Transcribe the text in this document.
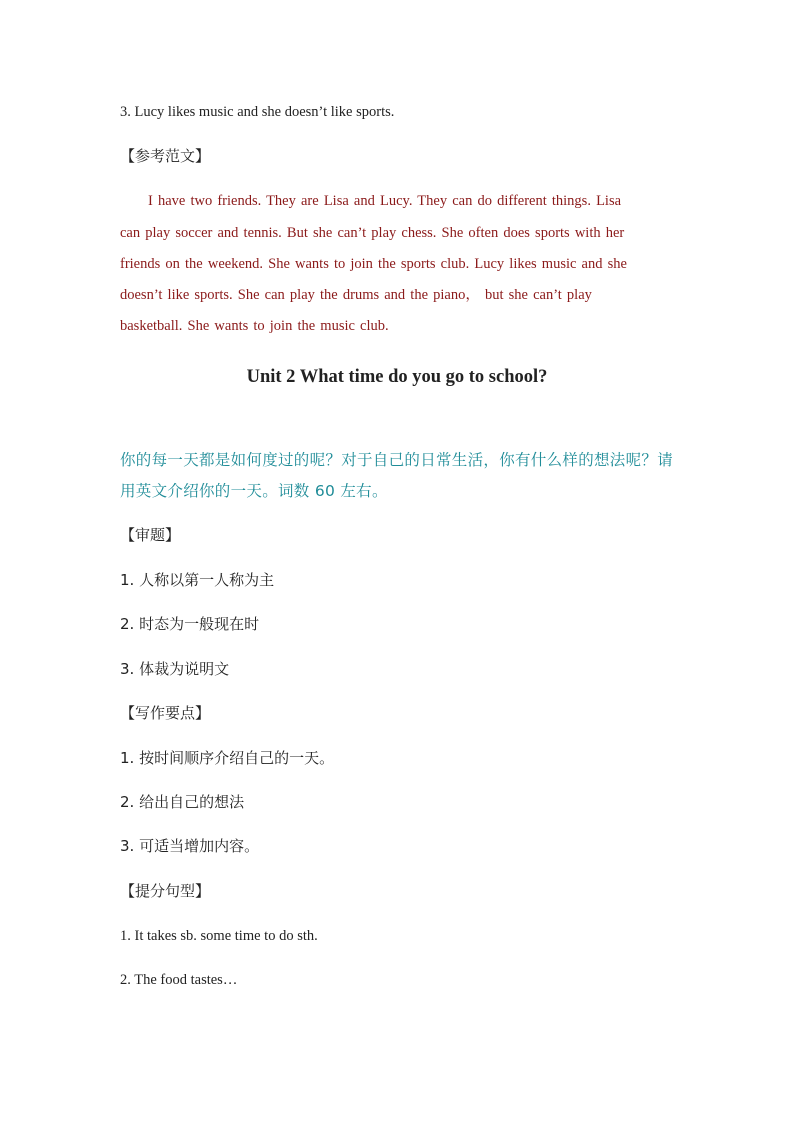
3. Lucy likes music and she doesn’t like sports.
【参考范文】
I have two friends. They are Lisa and Lucy. They can do different things. Lisa
can play soccer and tennis. But she can’t play chess. She often does sports with her
friends on the weekend. She wants to join the sports club. Lucy likes music and she
doesn’t like sports. She can play the drums and the piano， but she can’t play
basketball. She wants to join the music club.
Unit 2 What time do you go to school?
你的每一天都是如何度过的呢？对于自己的日常生活，你有什么样的想法呢？请
用英文介绍你的一天。词数 60 左右。
【审题】
1. 人称以第一人称为主
2. 时态为一般现在时
3. 体裁为说明文
【写作要点】
1. 按时间顺序介绍自己的一天。
2. 给出自己的想法
3. 可适当增加内容。
【提分句型】
1. It takes sb. some time to do sth.
2. The food tastes…
